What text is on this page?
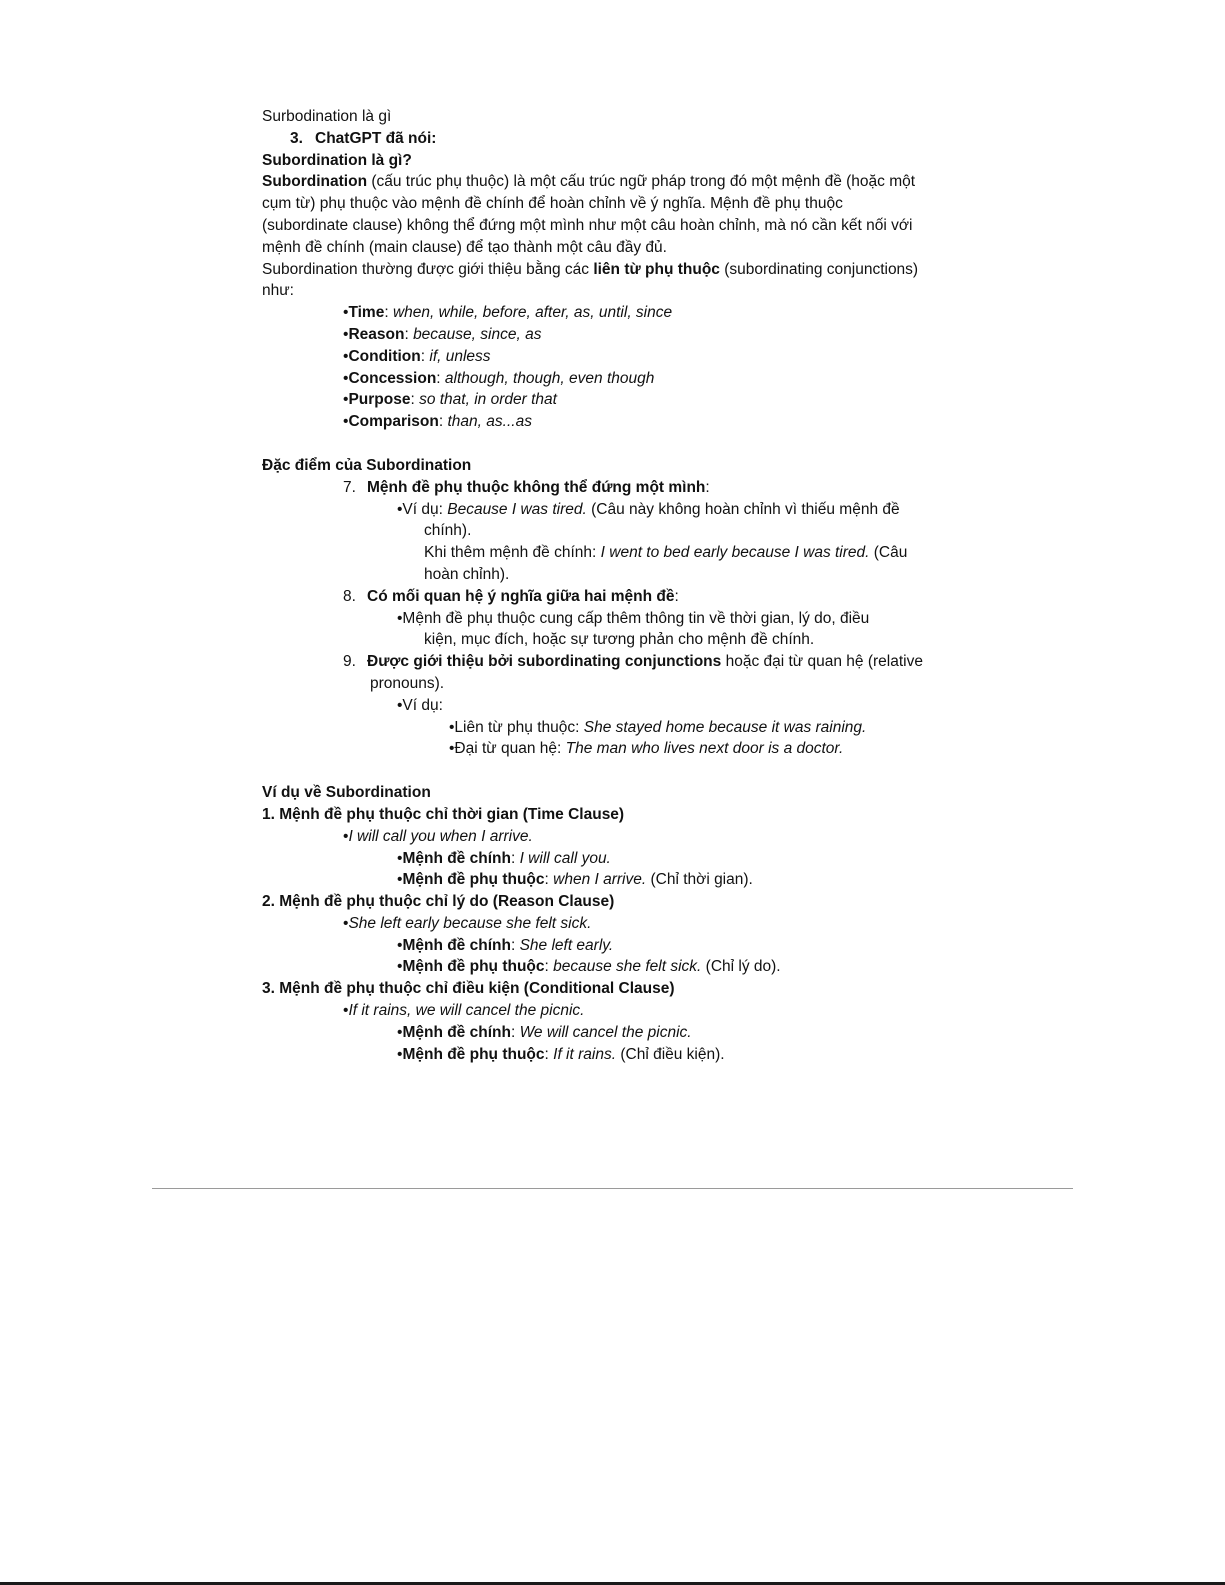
Surbodination là gì
3. ChatGPT đã nói:
Subordination là gì?
Subordination (cấu trúc phụ thuộc) là một cấu trúc ngữ pháp trong đó một mệnh đề (hoặc một
cụm từ) phụ thuộc vào mệnh đề chính để hoàn chỉnh về ý nghĩa. Mệnh đề phụ thuộc
(subordinate clause) không thể đứng một mình như một câu hoàn chỉnh, mà nó cần kết nối với
mệnh đề chính (main clause) để tạo thành một câu đầy đủ.
Subordination thường được giới thiệu bằng các liên từ phụ thuộc (subordinating conjunctions)
như:
•Time: when, while, before, after, as, until, since
•Reason: because, since, as
•Condition: if, unless
•Concession: although, though, even though
•Purpose: so that, in order that
•Comparison: than, as...as
Đặc điểm của Subordination
7. Mệnh đề phụ thuộc không thể đứng một mình:
•Ví dụ: Because I was tired. (Câu này không hoàn chỉnh vì thiếu mệnh đề
chính).
Khi thêm mệnh đề chính: I went to bed early because I was tired. (Câu
hoàn chỉnh).
8. Có mối quan hệ ý nghĩa giữa hai mệnh đề:
•Mệnh đề phụ thuộc cung cấp thêm thông tin về thời gian, lý do, điều
kiện, mục đích, hoặc sự tương phản cho mệnh đề chính.
9. Được giới thiệu bởi subordinating conjunctions hoặc đại từ quan hệ (relative
pronouns).
•Ví dụ:
•Liên từ phụ thuộc: She stayed home because it was raining.
•Đại từ quan hệ: The man who lives next door is a doctor.
Ví dụ về Subordination
1. Mệnh đề phụ thuộc chỉ thời gian (Time Clause)
•I will call you when I arrive.
•Mệnh đề chính: I will call you.
•Mệnh đề phụ thuộc: when I arrive. (Chỉ thời gian).
2. Mệnh đề phụ thuộc chỉ lý do (Reason Clause)
•She left early because she felt sick.
•Mệnh đề chính: She left early.
•Mệnh đề phụ thuộc: because she felt sick. (Chỉ lý do).
3. Mệnh đề phụ thuộc chỉ điều kiện (Conditional Clause)
•If it rains, we will cancel the picnic.
•Mệnh đề chính: We will cancel the picnic.
•Mệnh đề phụ thuộc: If it rains. (Chỉ điều kiện).
